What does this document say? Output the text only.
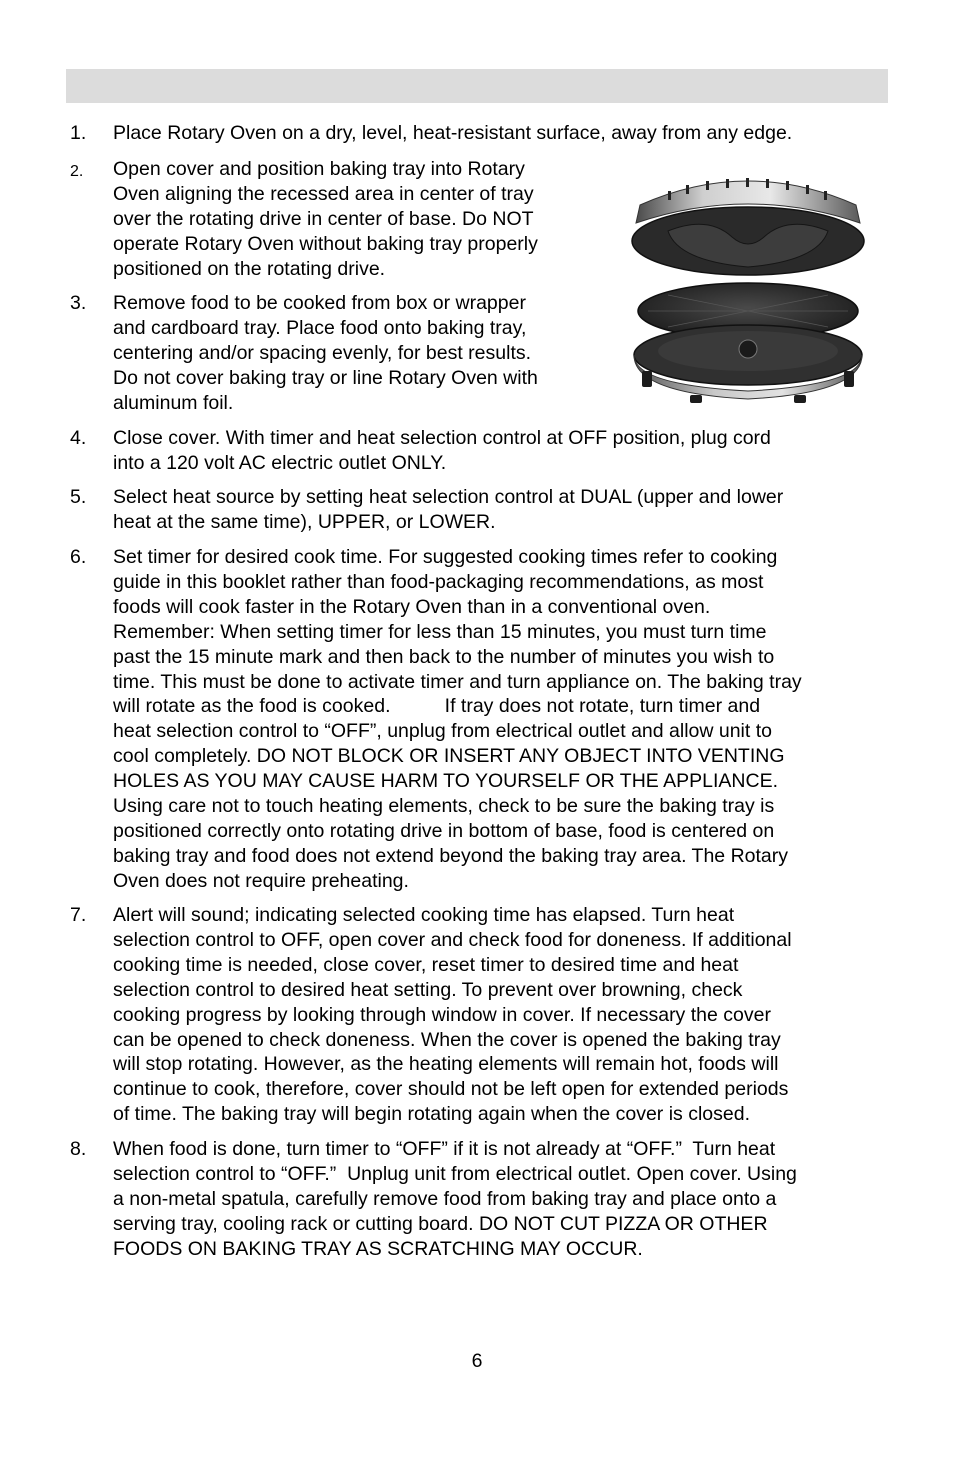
1. Place Rotary Oven on a dry, level, heat-resistant surface, away from any edge.
2. Open cover and position baking tray into Rotary
Oven aligning the recessed area in center of tray
over the rotating drive in center of base. Do NOT
operate Rotary Oven without baking tray properly
positioned on the rotating drive.
3. Remove food to be cooked from box or wrapper
and cardboard tray. Place food onto baking tray,
centering and/or spacing evenly, for best results.
Do not cover baking tray or line Rotary Oven with
aluminum foil.
4. Close cover. With timer and heat selection control at OFF position, plug cord
into a 120 volt AC electric outlet ONLY.
5. Select heat source by setting heat selection control at DUAL (upper and lower
heat at the same time), UPPER, or LOWER.
6. Set timer for desired cook time. For suggested cooking times refer to cooking
guide in this booklet rather than food-packaging recommendations, as most
foods will cook faster in the Rotary Oven than in a conventional oven.
Remember: When setting timer for less than 15 minutes, you must turn time
past the 15 minute mark and then back to the number of minutes you wish to
time. This must be done to activate timer and turn appliance on. The baking tray
will rotate as the food is cooked.          If tray does not rotate, turn timer and
heat selection control to “OFF”, unplug from electrical outlet and allow unit to
cool completely. DO NOT BLOCK OR INSERT ANY OBJECT INTO VENTING
HOLES AS YOU MAY CAUSE HARM TO YOURSELF OR THE APPLIANCE.
Using care not to touch heating elements, check to be sure the baking tray is
positioned correctly onto rotating drive in bottom of base, food is centered on
baking tray and food does not extend beyond the baking tray area. The Rotary
Oven does not require preheating.
7. Alert will sound; indicating selected cooking time has elapsed. Turn heat
selection control to OFF, open cover and check food for doneness. If additional
cooking time is needed, close cover, reset timer to desired time and heat
selection control to desired heat setting. To prevent over browning, check
cooking progress by looking through window in cover. If necessary the cover
can be opened to check doneness. When the cover is opened the baking tray
will stop rotating. However, as the heating elements will remain hot, foods will
continue to cook, therefore, cover should not be left open for extended periods
of time. The baking tray will begin rotating again when the cover is closed.
8. When food is done, turn timer to “OFF” if it is not already at “OFF.”  Turn heat
selection control to “OFF.”  Unplug unit from electrical outlet. Open cover. Using
a non-metal spatula, carefully remove food from baking tray and place onto a
serving tray, cooling rack or cutting board. DO NOT CUT PIZZA OR OTHER
FOODS ON BAKING TRAY AS SCRATCHING MAY OCCUR.
6
